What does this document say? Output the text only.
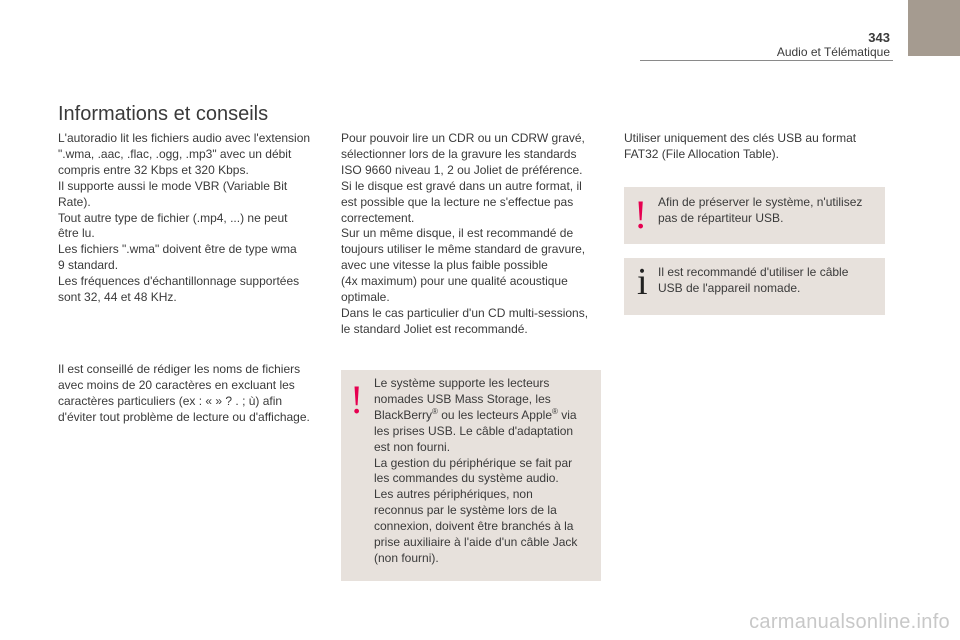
343
Audio et Télématique
Informations et conseils

L'autoradio lit les fichiers audio avec l'extension
".wma, .aac, .flac, .ogg, .mp3" avec un débit
compris entre 32 Kbps et 320 Kbps.
Il supporte aussi le mode VBR (Variable Bit
Rate).
Tout autre type de fichier (.mp4, ...) ne peut
être lu.
Les fichiers ".wma" doivent être de type wma
9 standard.
Les fréquences d'échantillonnage supportées
sont 32, 44 et 48 KHz.

Il est conseillé de rédiger les noms de fichiers
avec moins de 20 caractères en excluant les
caractères particuliers (ex : « » ? . ; ù) afin
d'éviter tout problème de lecture ou d'affichage.

Pour pouvoir lire un CDR ou un CDRW gravé,
sélectionner lors de la gravure les standards
ISO 9660 niveau 1, 2 ou Joliet de préférence.
Si le disque est gravé dans un autre format, il
est possible que la lecture ne s'effectue pas
correctement.
Sur un même disque, il est recommandé de
toujours utiliser le même standard de gravure,
avec une vitesse la plus faible possible
(4x maximum) pour une qualité acoustique
optimale.
Dans le cas particulier d'un CD multi-sessions,
le standard Joliet est recommandé.

! Le système supporte les lecteurs
nomades USB Mass Storage, les
BlackBerry® ou les lecteurs Apple® via
les prises USB. Le câble d'adaptation
est non fourni.
La gestion du périphérique se fait par
les commandes du système audio.
Les autres périphériques, non
reconnus par le système lors de la
connexion, doivent être branchés à la
prise auxiliaire à l'aide d'un câble Jack
(non fourni).

Utiliser uniquement des clés USB au format
FAT32 (File Allocation Table).

! Afin de préserver le système, n'utilisez
pas de répartiteur USB.

i Il est recommandé d'utiliser le câble
USB de l'appareil nomade.

carmanualsonline.info
